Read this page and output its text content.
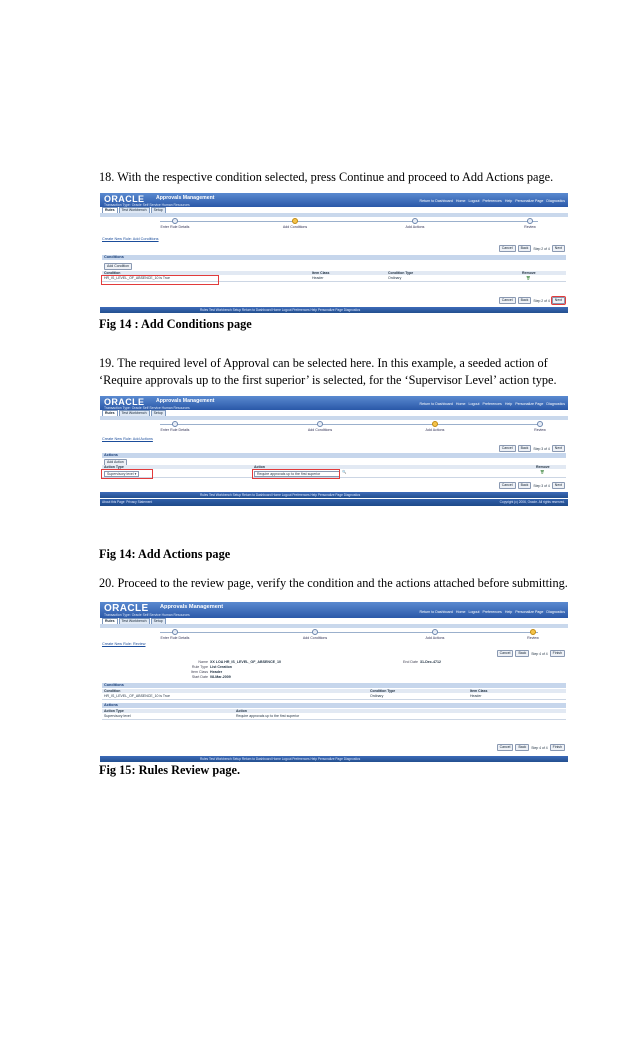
18. With the respective condition selected, press Continue and proceed to Add Actions page.
ORACLE Approvals Management
Transaction Type: Oracle Self Service Human Resources
Return to Dashboard Home Logout Preferences Help Personalize Page Diagnostics
Rules Test Workbench Setup
Enter Rule Details	Add Conditions	Add Actions	Review
Create New Rule: Add Conditions
Cancel Back Step 2 of 4 Next
Conditions
Add Condition
Condition	Item Class	Condition Type	Remove
HR_IS_LEVEL_OF_ABSENCE_10 is True	Header	Ordinary	🗑
Cancel Back Step 2 of 4 Next
Rules Test Workbench Setup Return to Dashboard Home Logout Preferences Help Personalize Page Diagnostics
Fig 14 : Add Conditions page
19. The required level of Approval can be selected here. In this example, a seeded action of ‘Require approvals up to the first superior’ is selected, for the ‘Supervisor Level’ action type.
ORACLE Approvals Management
Transaction Type: Oracle Self Service Human Resources
Return to Dashboard Home Logout Preferences Help Personalize Page Diagnostics
Rules Test Workbench Setup
Enter Rule Details	Add Conditions	Add Actions	Review
Create New Rule: Add Actions
Cancel Back Step 3 of 4 Next
Actions
Add Action
Action Type	Action	Remove
Supervisory level ▾	Require approvals up to the first superior	🔍	🗑
Cancel Back Step 3 of 4 Next
Rules Test Workbench Setup Return to Dashboard Home Logout Preferences Help Personalize Page Diagnostics
About this Page Privacy Statement	Copyright (c) 2006, Oracle. All rights reserved.
Fig 14: Add Actions page
20. Proceed to the review page, verify the condition and the actions attached before submitting.
ORACLE Approvals Management
Transaction Type: Oracle Self Service Human Resources
Return to Dashboard Home Logout Preferences Help Personalize Page Diagnostics
Rules Test Workbench Setup
Enter Rule Details	Add Conditions	Add Actions	Review
Create New Rule: Review
Cancel Back Step 4 of 4 Finish
Name XX LOA HR_IS_LEVEL_OF_ABSENCE_10
Rule Type List Creation
Item Class Header
Start Date 08-Mar-2009
End Date 31-Dec-4712
Conditions
Condition	Condition Type	Item Class
HR_IS_LEVEL_OF_ABSENCE_10 is True	Ordinary	Header
Actions
Action Type	Action
Supervisory level	Require approvals up to the first superior
Cancel Back Step 4 of 4 Finish
Rules Test Workbench Setup Return to Dashboard Home Logout Preferences Help Personalize Page Diagnostics
Fig 15: Rules Review page.
